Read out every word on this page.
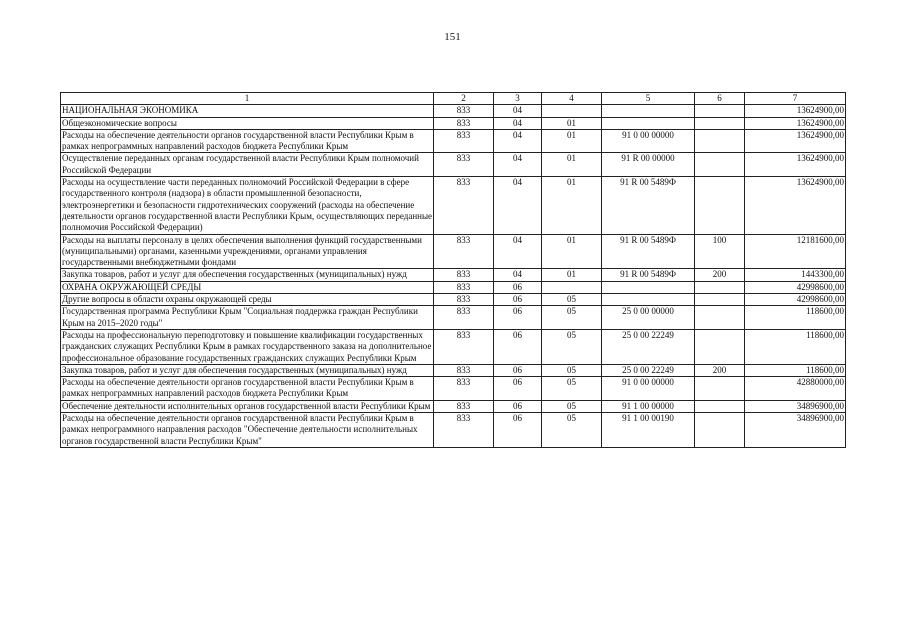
151
1	2	3	4	5	6	7
НАЦИОНАЛЬНАЯ ЭКОНОМИКА	833	04				13624900,00
Общеэкономические вопросы	833	04	01			13624900,00
Расходы на обеспечение деятельности органов государственной власти Республики Крым в рамках непрограммных направлений расходов бюджета Республики Крым	833	04	01	91 0 00 00000		13624900,00
Осуществление переданных органам государственной власти Республики Крым полномочий Российской Федерации	833	04	01	91 R 00 00000		13624900,00
Расходы на осуществление части переданных полномочий Российской Федерации в сфере государственного контроля (надзора) в области промышленной безопасности, электроэнергетики и безопасности гидротехнических сооружений (расходы на обеспечение деятельности органов государственной власти Республики Крым, осуществляющих переданные полномочия Российской Федерации)	833	04	01	91 R 00 5489Ф		13624900,00
Расходы на выплаты персоналу в целях обеспечения выполнения функций государственными (муниципальными) органами, казенными учреждениями, органами управления государственными внебюджетными фондами	833	04	01	91 R 00 5489Ф	100	12181600,00
Закупка товаров, работ и услуг для обеспечения государственных (муниципальных) нужд	833	04	01	91 R 00 5489Ф	200	1443300,00
ОХРАНА ОКРУЖАЮЩЕЙ СРЕДЫ	833	06				42998600,00
Другие вопросы в области охраны окружающей среды	833	06	05			42998600,00
Государственная программа Республики Крым "Социальная поддержка граждан Республики Крым на 2015–2020 годы"	833	06	05	25 0 00 00000		118600,00
Расходы на профессиональную переподготовку и повышение квалификации государственных гражданских служащих Республики Крым в рамках государственного заказа на дополнительное профессиональное образование государственных гражданских служащих Республики Крым	833	06	05	25 0 00 22249		118600,00
Закупка товаров, работ и услуг для обеспечения государственных (муниципальных) нужд	833	06	05	25 0 00 22249	200	118600,00
Расходы на обеспечение деятельности органов государственной власти Республики Крым в рамках непрограммных направлений расходов бюджета Республики Крым	833	06	05	91 0 00 00000		42880000,00
Обеспечение деятельности исполнительных органов государственной власти Республики Крым	833	06	05	91 1 00 00000		34896900,00
Расходы на обеспечение деятельности органов государственной власти Республики Крым в рамках непрограммного направления расходов "Обеспечение деятельности исполнительных органов государственной власти Республики Крым"	833	06	05	91 1 00 00190		34896900,00
